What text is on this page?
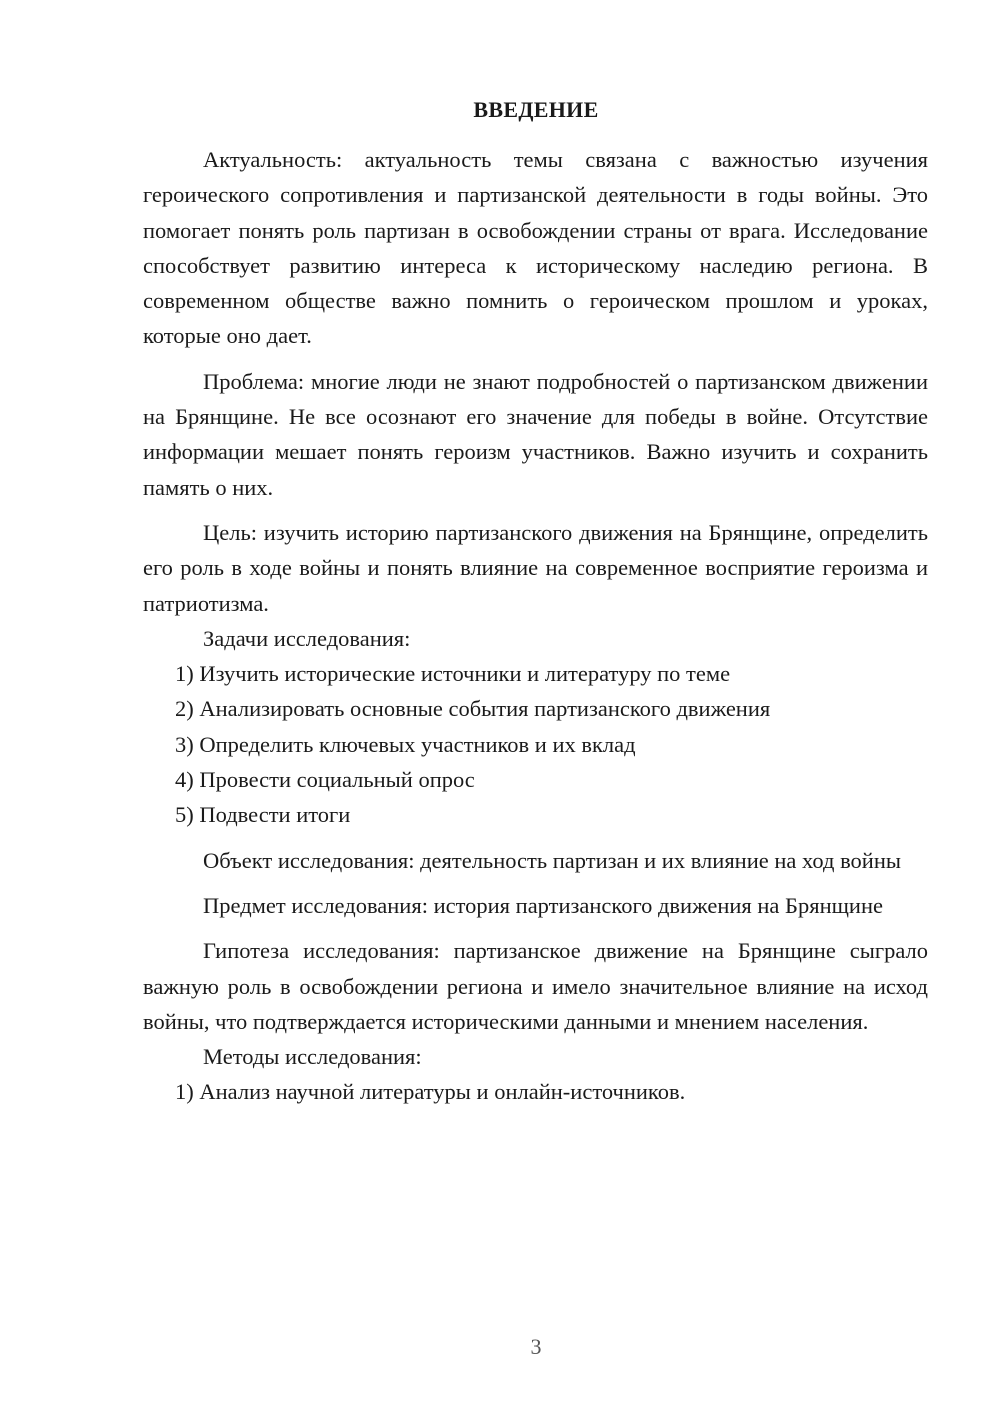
ВВЕДЕНИЕ

Актуальность: актуальность темы связана с важностью изучения героического сопротивления и партизанской деятельности в годы войны. Это помогает понять роль партизан в освобождении страны от врага. Исследование способствует развитию интереса к историческому наследию региона. В современном обществе важно помнить о героическом прошлом и уроках, которые оно дает.

Проблема: многие люди не знают подробностей о партизанском движении на Брянщине. Не все осознают его значение для победы в войне. Отсутствие информации мешает понять героизм участников. Важно изучить и сохранить память о них.

Цель: изучить историю партизанского движения на Брянщине, определить его роль в ходе войны и понять влияние на современное восприятие героизма и патриотизма.

Задачи исследования:

1) Изучить исторические источники и литературу по теме

2) Анализировать основные события партизанского движения

3) Определить ключевых участников и их вклад

4) Провести социальный опрос

5) Подвести итоги

Объект исследования: деятельность партизан и их влияние на ход войны

Предмет исследования: история партизанского движения на Брянщине

Гипотеза исследования: партизанское движение на Брянщине сыграло важную роль в освобождении региона и имело значительное влияние на исход войны, что подтверждается историческими данными и мнением населения.

Методы исследования:

1) Анализ научной литературы и онлайн-источников.

3
